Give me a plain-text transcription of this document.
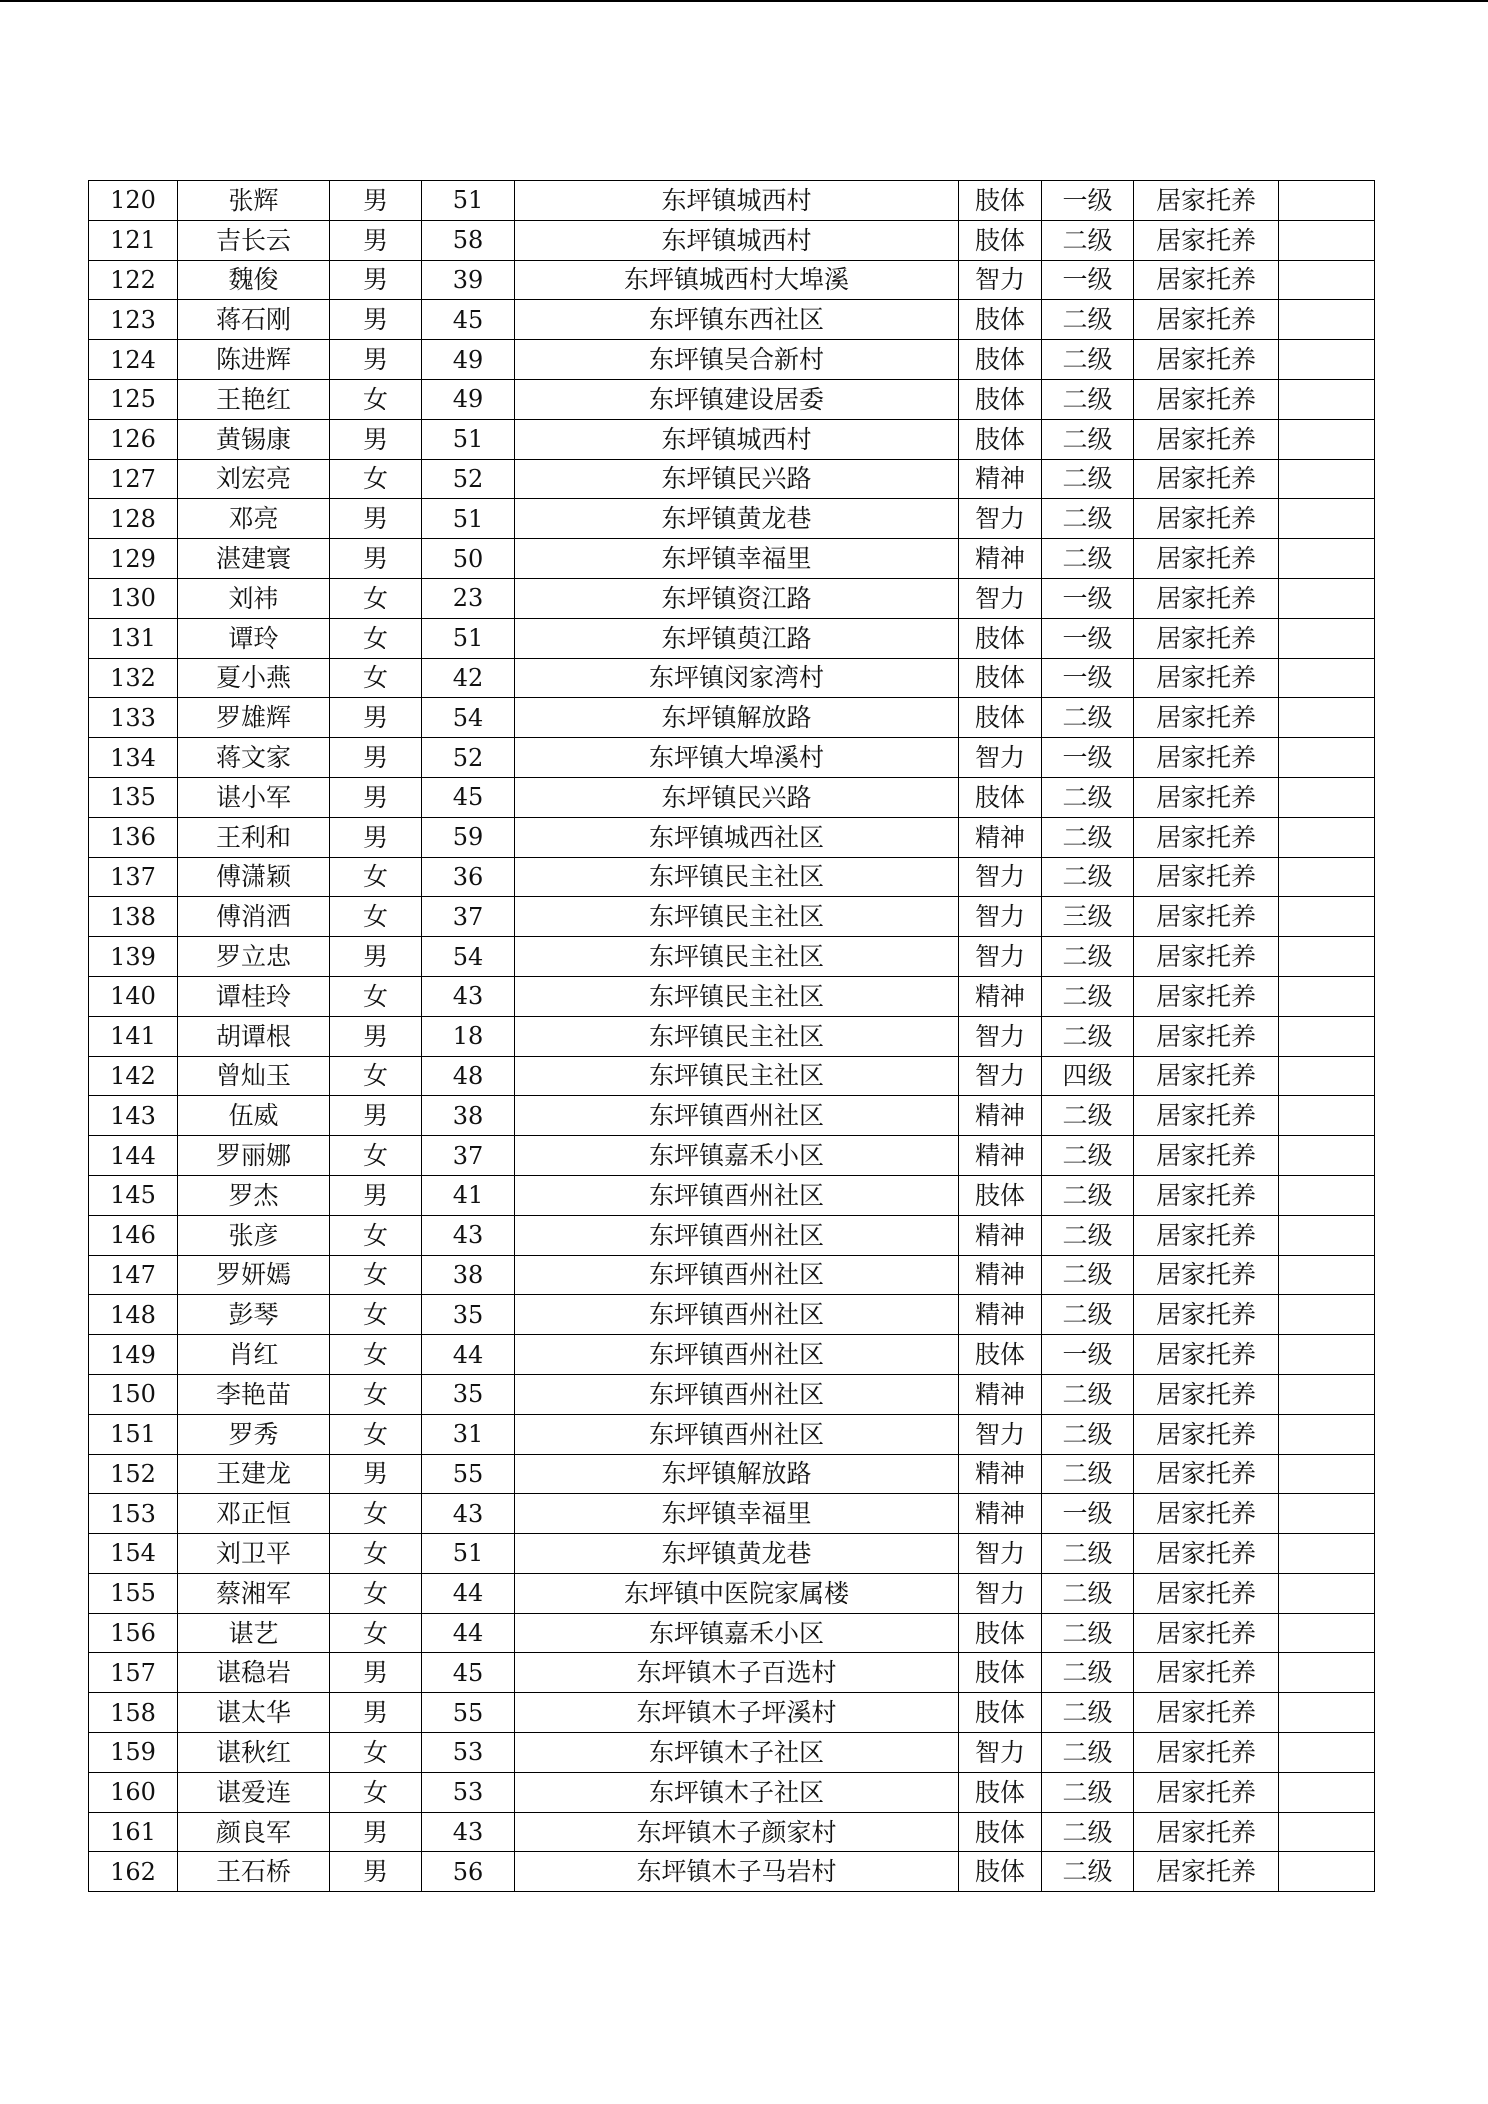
120	张辉	男	51	东坪镇城西村	肢体	一级	居家托养	
121	吉长云	男	58	东坪镇城西村	肢体	二级	居家托养	
122	魏俊	男	39	东坪镇城西村大埠溪	智力	一级	居家托养	
123	蒋石刚	男	45	东坪镇东西社区	肢体	二级	居家托养	
124	陈进辉	男	49	东坪镇吴合新村	肢体	二级	居家托养	
125	王艳红	女	49	东坪镇建设居委	肢体	二级	居家托养	
126	黄锡康	男	51	东坪镇城西村	肢体	二级	居家托养	
127	刘宏亮	女	52	东坪镇民兴路	精神	二级	居家托养	
128	邓亮	男	51	东坪镇黄龙巷	智力	二级	居家托养	
129	湛建寰	男	50	东坪镇幸福里	精神	二级	居家托养	
130	刘祎	女	23	东坪镇资江路	智力	一级	居家托养	
131	谭玲	女	51	东坪镇萸江路	肢体	一级	居家托养	
132	夏小燕	女	42	东坪镇闵家湾村	肢体	一级	居家托养	
133	罗雄辉	男	54	东坪镇解放路	肢体	二级	居家托养	
134	蒋文家	男	52	东坪镇大埠溪村	智力	一级	居家托养	
135	谌小军	男	45	东坪镇民兴路	肢体	二级	居家托养	
136	王利和	男	59	东坪镇城西社区	精神	二级	居家托养	
137	傅潇颖	女	36	东坪镇民主社区	智力	二级	居家托养	
138	傅消洒	女	37	东坪镇民主社区	智力	三级	居家托养	
139	罗立忠	男	54	东坪镇民主社区	智力	二级	居家托养	
140	谭桂玲	女	43	东坪镇民主社区	精神	二级	居家托养	
141	胡谭根	男	18	东坪镇民主社区	智力	二级	居家托养	
142	曾灿玉	女	48	东坪镇民主社区	智力	四级	居家托养	
143	伍威	男	38	东坪镇酉州社区	精神	二级	居家托养	
144	罗丽娜	女	37	东坪镇嘉禾小区	精神	二级	居家托养	
145	罗杰	男	41	东坪镇酉州社区	肢体	二级	居家托养	
146	张彦	女	43	东坪镇酉州社区	精神	二级	居家托养	
147	罗妍嫣	女	38	东坪镇酉州社区	精神	二级	居家托养	
148	彭琴	女	35	东坪镇酉州社区	精神	二级	居家托养	
149	肖红	女	44	东坪镇酉州社区	肢体	一级	居家托养	
150	李艳苗	女	35	东坪镇酉州社区	精神	二级	居家托养	
151	罗秀	女	31	东坪镇酉州社区	智力	二级	居家托养	
152	王建龙	男	55	东坪镇解放路	精神	二级	居家托养	
153	邓正恒	女	43	东坪镇幸福里	精神	一级	居家托养	
154	刘卫平	女	51	东坪镇黄龙巷	智力	二级	居家托养	
155	蔡湘军	女	44	东坪镇中医院家属楼	智力	二级	居家托养	
156	谌艺	女	44	东坪镇嘉禾小区	肢体	二级	居家托养	
157	谌稳岩	男	45	东坪镇木子百选村	肢体	二级	居家托养	
158	谌太华	男	55	东坪镇木子坪溪村	肢体	二级	居家托养	
159	谌秋红	女	53	东坪镇木子社区	智力	二级	居家托养	
160	谌爱连	女	53	东坪镇木子社区	肢体	二级	居家托养	
161	颜良军	男	43	东坪镇木子颜家村	肢体	二级	居家托养	
162	王石桥	男	56	东坪镇木子马岩村	肢体	二级	居家托养	
